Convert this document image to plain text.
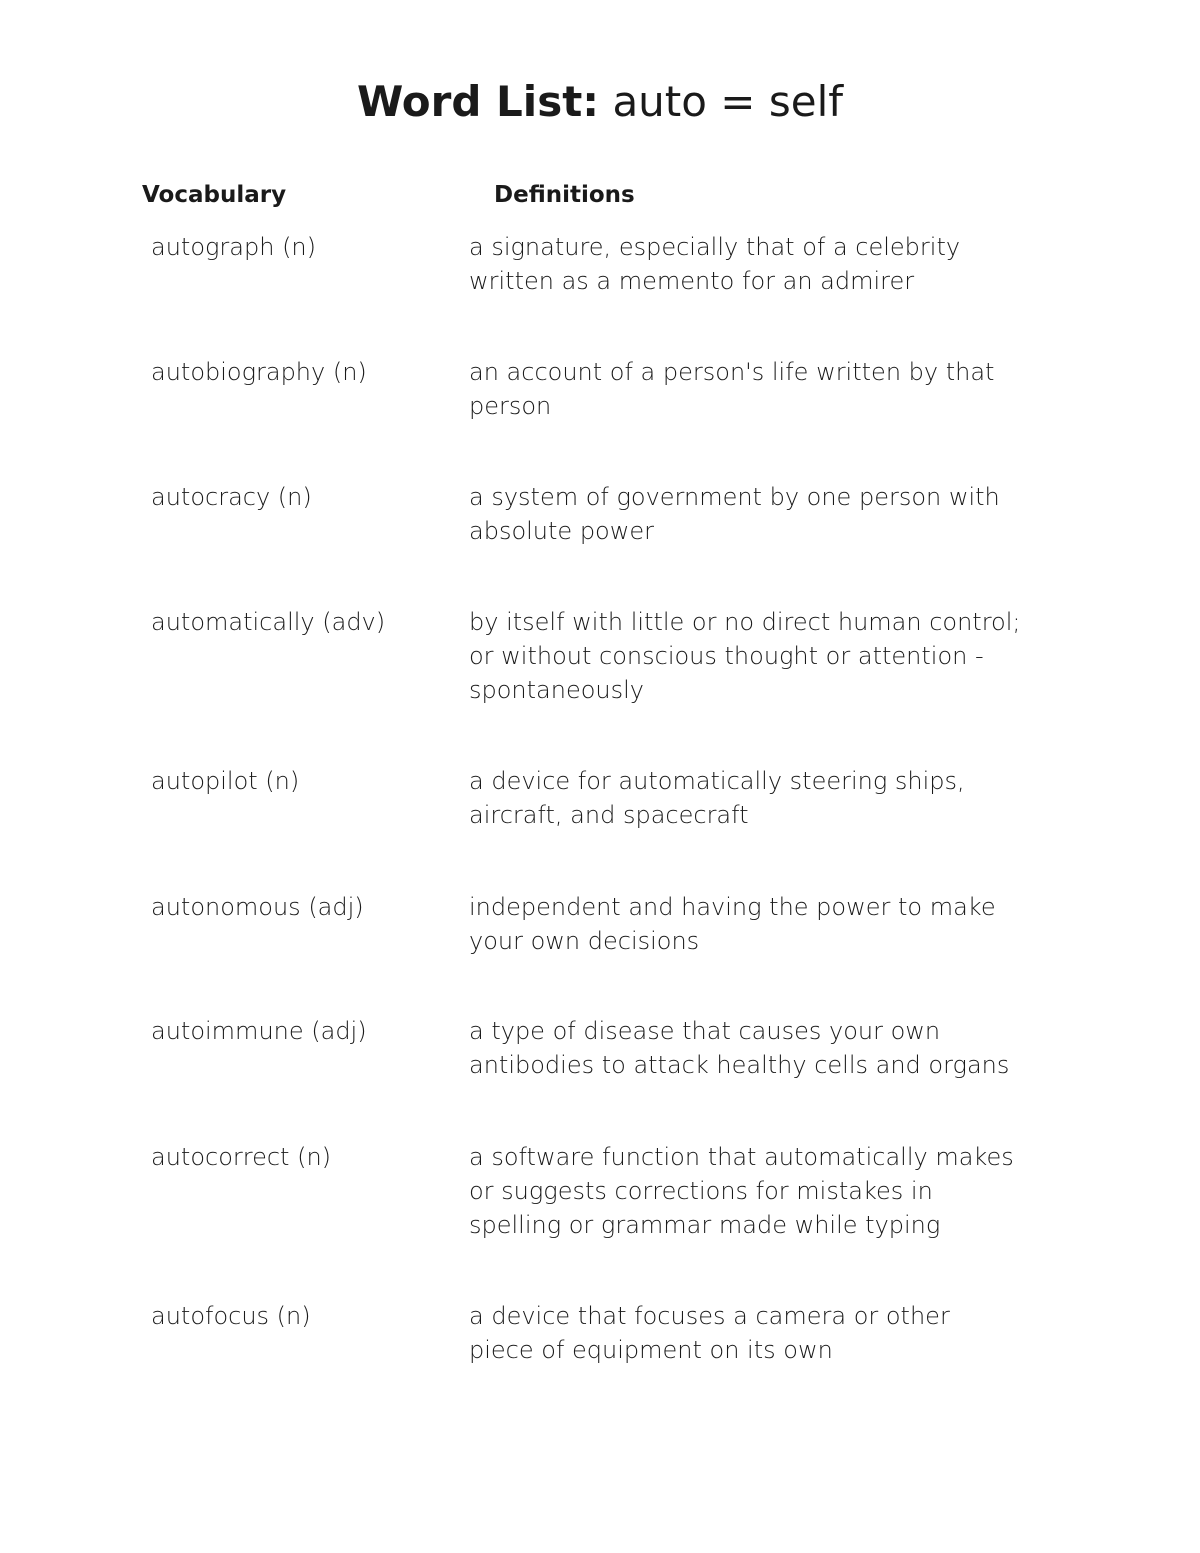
Word List: auto = self
Vocabulary	Definitions
autograph (n)	a signature, especially that of a celebrity
written as a memento for an admirer
autobiography (n)	an account of a person's life written by that
person
autocracy (n)	a system of government by one person with
absolute power
automatically (adv)	by itself with little or no direct human control;
or without conscious thought or attention -
spontaneously
autopilot (n)	a device for automatically steering ships,
aircraft, and spacecraft
autonomous (adj)	independent and having the power to make
your own decisions
autoimmune (adj)	a type of disease that causes your own
antibodies to attack healthy cells and organs
autocorrect (n)	a software function that automatically makes
or suggests corrections for mistakes in
spelling or grammar made while typing
autofocus (n)	a device that focuses a camera or other
piece of equipment on its own
